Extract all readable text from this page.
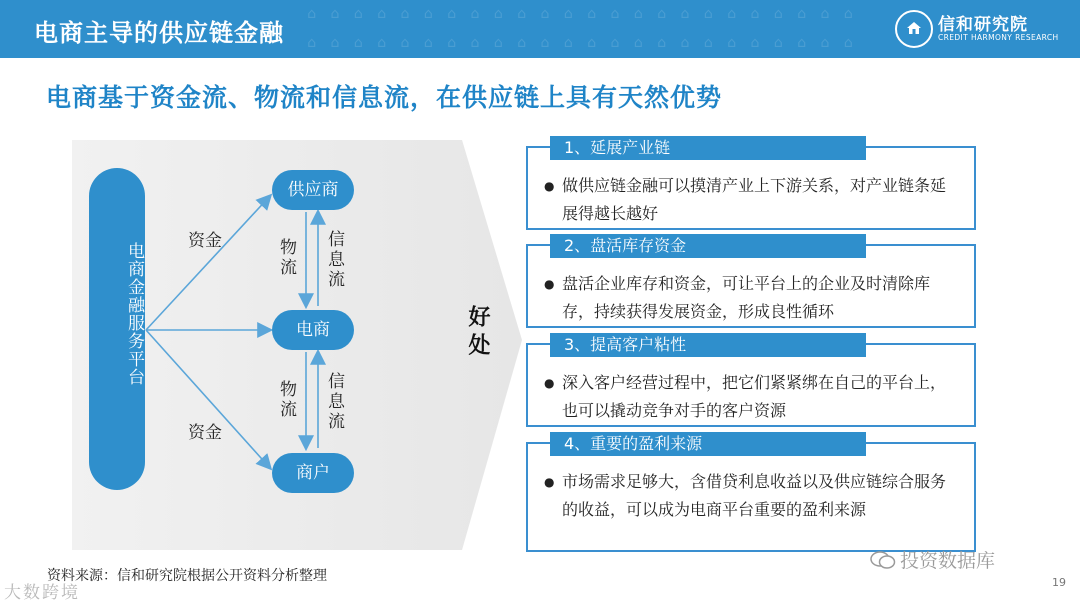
⌂	⌂	⌂	⌂	⌂	⌂	⌂	⌂	⌂	⌂	⌂	⌂	⌂	⌂	⌂	⌂	⌂	⌂	⌂	⌂	⌂	⌂	⌂	⌂
⌂	⌂	⌂	⌂	⌂	⌂	⌂	⌂	⌂	⌂	⌂	⌂	⌂	⌂	⌂	⌂	⌂	⌂	⌂	⌂	⌂	⌂	⌂	⌂
电商主导的供应链金融	信和研究院
CREDIT HARMONY RESEARCH
电商基于资金流、物流和信息流，在供应链上具有天然优势
电商金融服务平台
供应商
电商
商户
资金
资金
物流 信息流
物流 信息流
好处
1、延展产业链
● 做供应链金融可以摸清产业上下游关系，对产业链条延展得越长越好
2、盘活库存资金
● 盘活企业库存和资金，可让平台上的企业及时清除库存，持续获得发展资金，形成良性循环
3、提高客户粘性
● 深入客户经营过程中，把它们紧紧绑在自己的平台上，也可以撬动竞争对手的客户资源
4、重要的盈利来源
● 市场需求足够大，含借贷利息收益以及供应链综合服务的收益，可以成为电商平台重要的盈利来源
资料来源：信和研究院根据公开资料分析整理
大数跨境
投资数据库
19
